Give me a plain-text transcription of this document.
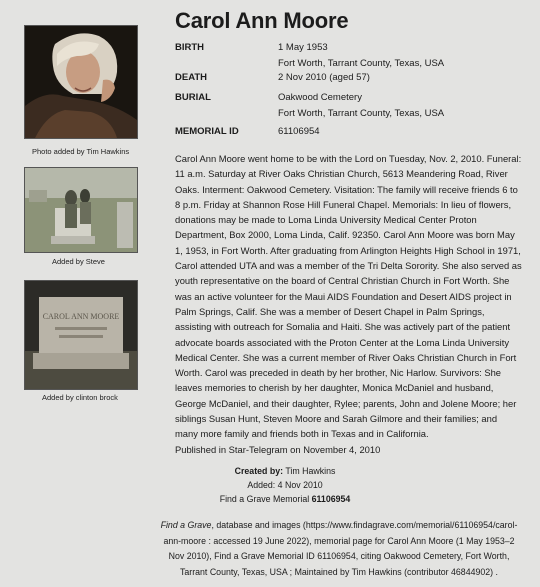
Carol Ann Moore
BIRTH	1 May 1953
Fort Worth, Tarrant County, Texas, USA
DEATH	2 Nov 2010 (aged 57)
BURIAL	Oakwood Cemetery
Fort Worth, Tarrant County, Texas, USA
MEMORIAL ID	61106954
Photo added by Tim Hawkins
Added by Steve
CAROL ANN MOORE
Added by clinton brock

Carol Ann Moore went home to be with the Lord on Tuesday, Nov. 2, 2010. Funeral: 11 a.m. Saturday at River Oaks Christian Church, 5613 Meandering Road, River Oaks. Interment: Oakwood Cemetery. Visitation: The family will receive friends 6 to 8 p.m. Friday at Shannon Rose Hill Funeral Chapel. Memorials: In lieu of flowers, donations may be made to Loma Linda University Medical Center Proton Department, Box 2000, Loma Linda, Calif. 92350. Carol Ann Moore was born May 1, 1953, in Fort Worth. After graduating from Arlington Heights High School in 1971, Carol attended UTA and was a member of the Tri Delta Sorority. She also served as youth representative on the board of Central Christian Church in Fort Worth. She was an active volunteer for the Maui AIDS Foundation and Desert AIDS project in Palm Springs, Calif. She was a member of Desert Chapel in Palm Springs, assisting with outreach for Somalia and Haiti. She was actively part of the patient advocate boards associated with the Proton Center at the Loma Linda University Medical Center. She was a current member of River Oaks Christian Church in Fort Worth. Carol was preceded in death by her brother, Nic Harlow. Survivors: She leaves memories to cherish by her daughter, Monica McDaniel and husband, George McDaniel, and their daughter, Rylee; parents, John and Jolene Moore; her siblings Susan Hunt, Steven Moore and Sarah Gilmore and their families; and many more family and friends both in Texas and in California.
Published in Star-Telegram on November 4, 2010

Created by: Tim Hawkins
Added: 4 Nov 2010
Find a Grave Memorial 61106954

Find a Grave, database and images (https://www.findagrave.com/memorial/61106954/carol-ann-moore : accessed 19 June 2022), memorial page for Carol Ann Moore (1 May 1953–2 Nov 2010), Find a Grave Memorial ID 61106954, citing Oakwood Cemetery, Fort Worth, Tarrant County, Texas, USA ; Maintained by Tim Hawkins (contributor 46844902) .
